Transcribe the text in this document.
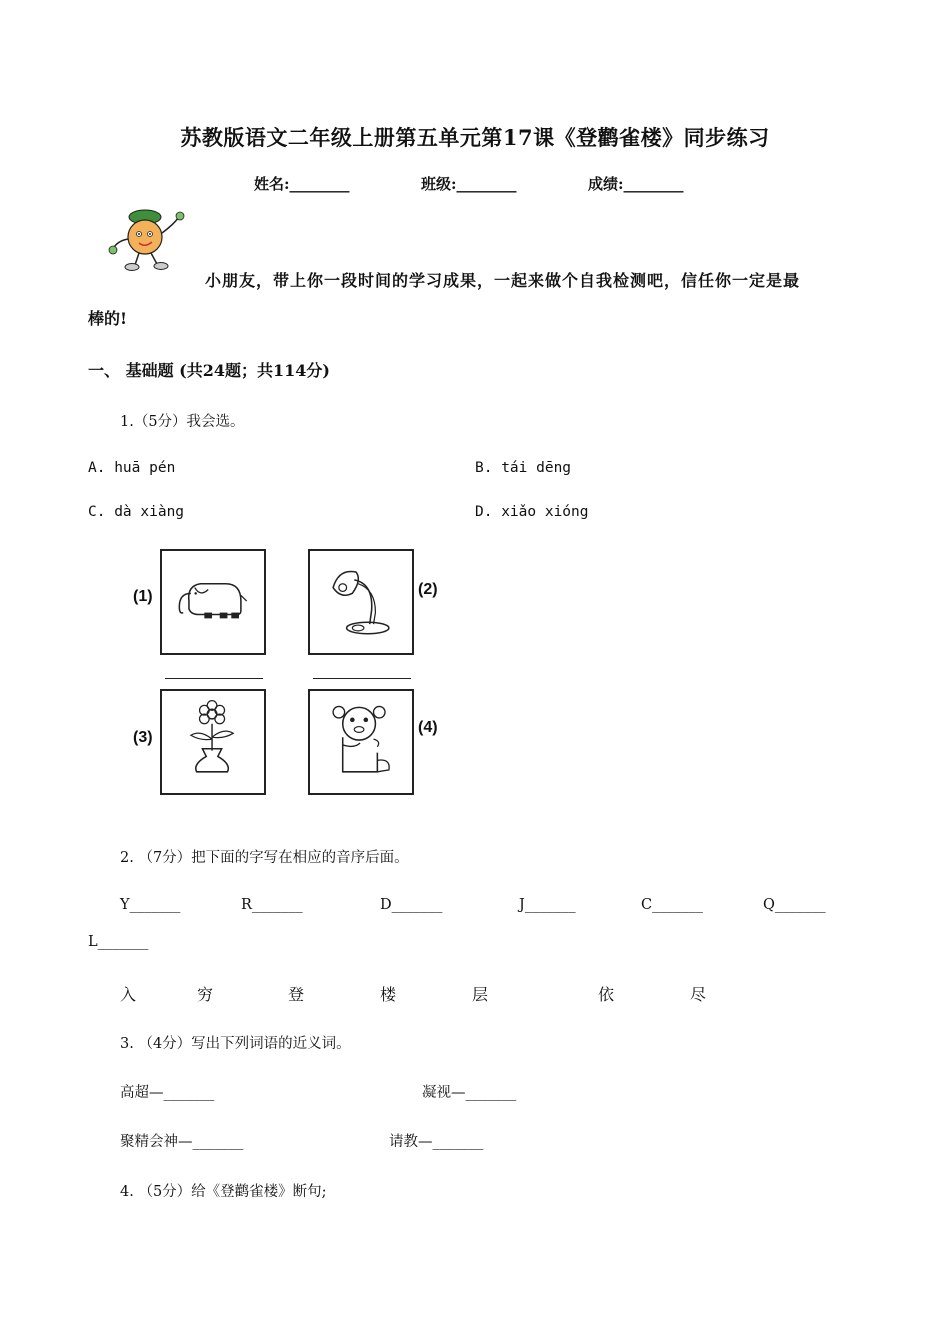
苏教版语文二年级上册第五单元第17课《登鹳雀楼》同步练习
姓名:________	班级:________	成绩:________
小朋友，带上你一段时间的学习成果，一起来做个自我检测吧，信任你一定是最
棒的!
一、 基础题 (共24题；共114分)
1.（5分）我会选。
A. huā pén	B. tái dēng
C. dà xiàng	D. xiǎo xióng
(1)	(2)
(3)
(4)
2. （7分）把下面的字写在相应的音序后面。
Y_______	R_______	D_______	J_______	C_______	Q_______
L_______
入	穷	登	楼	层	依	尽
3. （4分）写出下列词语的近义词。
高超—_______	凝视—_______
聚精会神—_______	请教—_______
4. （5分）给《登鹳雀楼》断句;
